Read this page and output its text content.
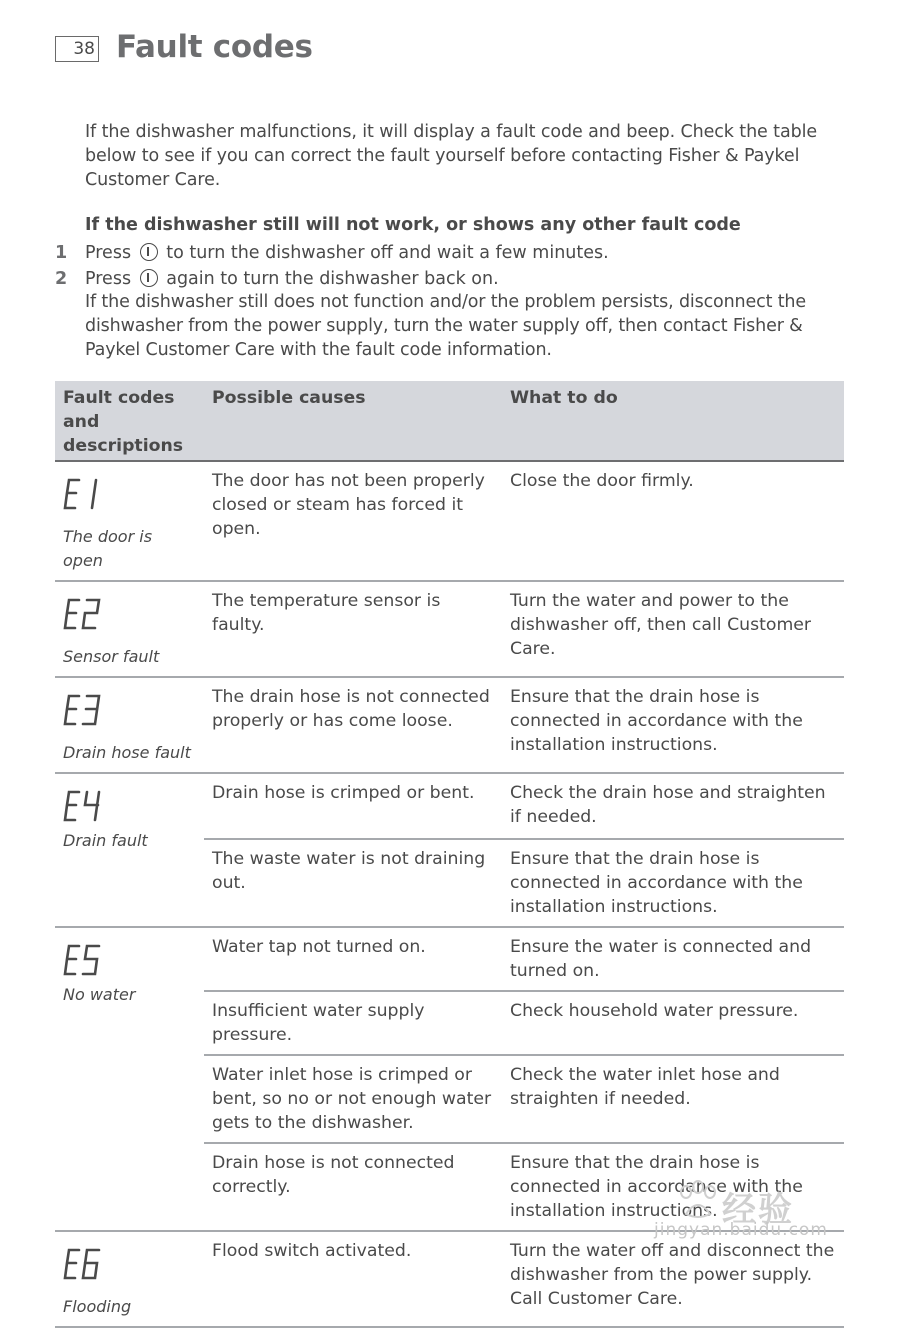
38 Fault codes

If the dishwasher malfunctions, it will display a fault code and beep. Check the table below to see if you can correct the fault yourself before contacting Fisher & Paykel Customer Care.

If the dishwasher still will not work, or shows any other fault code

1 Press to turn the dishwasher off and wait a few minutes.
2 Press again to turn the dishwasher back on.

If the dishwasher still does not function and/or the problem persists, disconnect the dishwasher from the power supply, turn the water supply off, then contact Fisher & Paykel Customer Care with the fault code information.

Fault codes and descriptions	Possible causes	What to do

The door is open	The door has not been properly closed or steam has forced it open.	Close the door firmly.

Sensor fault	The temperature sensor is faulty.	Turn the water and power to the dishwasher off, then call Customer Care.

Drain hose fault	The drain hose is not connected properly or has come loose.	Ensure that the drain hose is connected in accordance with the installation instructions.

Drain fault	Drain hose is crimped or bent.	Check the drain hose and straighten if needed.
	The waste water is not draining out.	Ensure that the drain hose is connected in accordance with the installation instructions.

No water	Water tap not turned on.	Ensure the water is connected and turned on.
	Insufficient water supply pressure.	Check household water pressure.
	Water inlet hose is crimped or bent, so no or not enough water gets to the dishwasher.	Check the water inlet hose and straighten if needed.
	Drain hose is not connected correctly.	Ensure that the drain hose is connected in accordance with the installation instructions.

Flooding	Flood switch activated.	Turn the water off and disconnect the dishwasher from the power supply. Call Customer Care.
经验
jingyan.baidu.com
